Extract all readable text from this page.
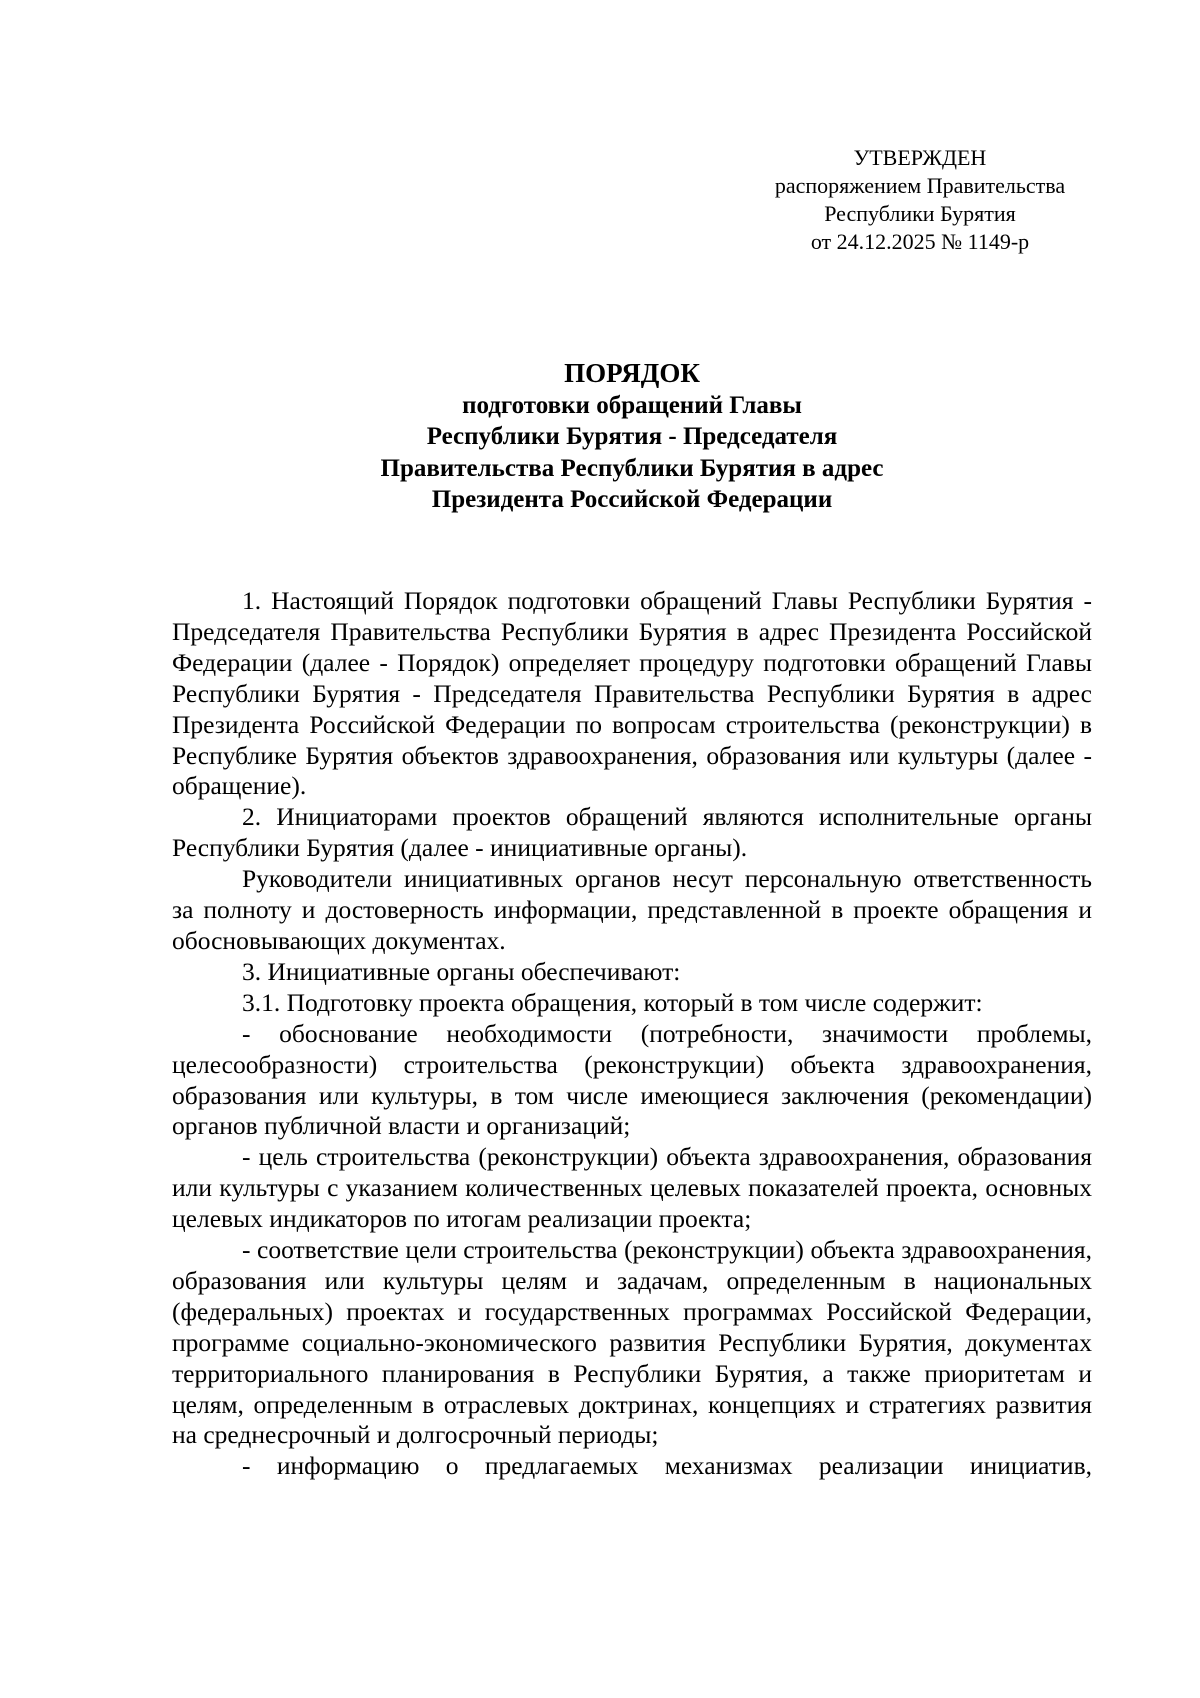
УТВЕРЖДЕН
распоряжением Правительства
Республики Бурятия
от 24.12.2025 № 1149-р
ПОРЯДОК
подготовки обращений Главы
Республики Бурятия - Председателя
Правительства Республики Бурятия в адрес
Президента Российской Федерации

1. Настоящий Порядок подготовки обращений Главы Республики Бурятия - Председателя Правительства Республики Бурятия в адрес Президента Российской Федерации (далее - Порядок) определяет процедуру подготовки обращений Главы Республики Бурятия - Председателя Правительства Республики Бурятия в адрес Президента Российской Федерации по вопросам строительства (реконструкции) в Республике Бурятия объектов здравоохранения, образования или культуры (далее - обращение).

2. Инициаторами проектов обращений являются исполнительные органы Республики Бурятия (далее - инициативные органы).

Руководители инициативных органов несут персональную ответственность за полноту и достоверность информации, представленной в проекте обращения и обосновывающих документах.

3. Инициативные органы обеспечивают:

3.1. Подготовку проекта обращения, который в том числе содержит:

- обоснование необходимости (потребности, значимости проблемы, целесообразности) строительства (реконструкции) объекта здравоохранения, образования или культуры, в том числе имеющиеся заключения (рекомендации) органов публичной власти и организаций;

- цель строительства (реконструкции) объекта здравоохранения, образования или культуры с указанием количественных целевых показателей проекта, основных целевых индикаторов по итогам реализации проекта;

- соответствие цели строительства (реконструкции) объекта здравоохранения, образования или культуры целям и задачам, определенным в национальных (федеральных) проектах и государственных программах Российской Федерации, программе социально-экономического развития Республики Бурятия, документах территориального планирования в Республики Бурятия, а также приоритетам и целям, определенным в отраслевых доктринах, концепциях и стратегиях развития на среднесрочный и долгосрочный периоды;

- информацию о предлагаемых механизмах реализации инициатив,
